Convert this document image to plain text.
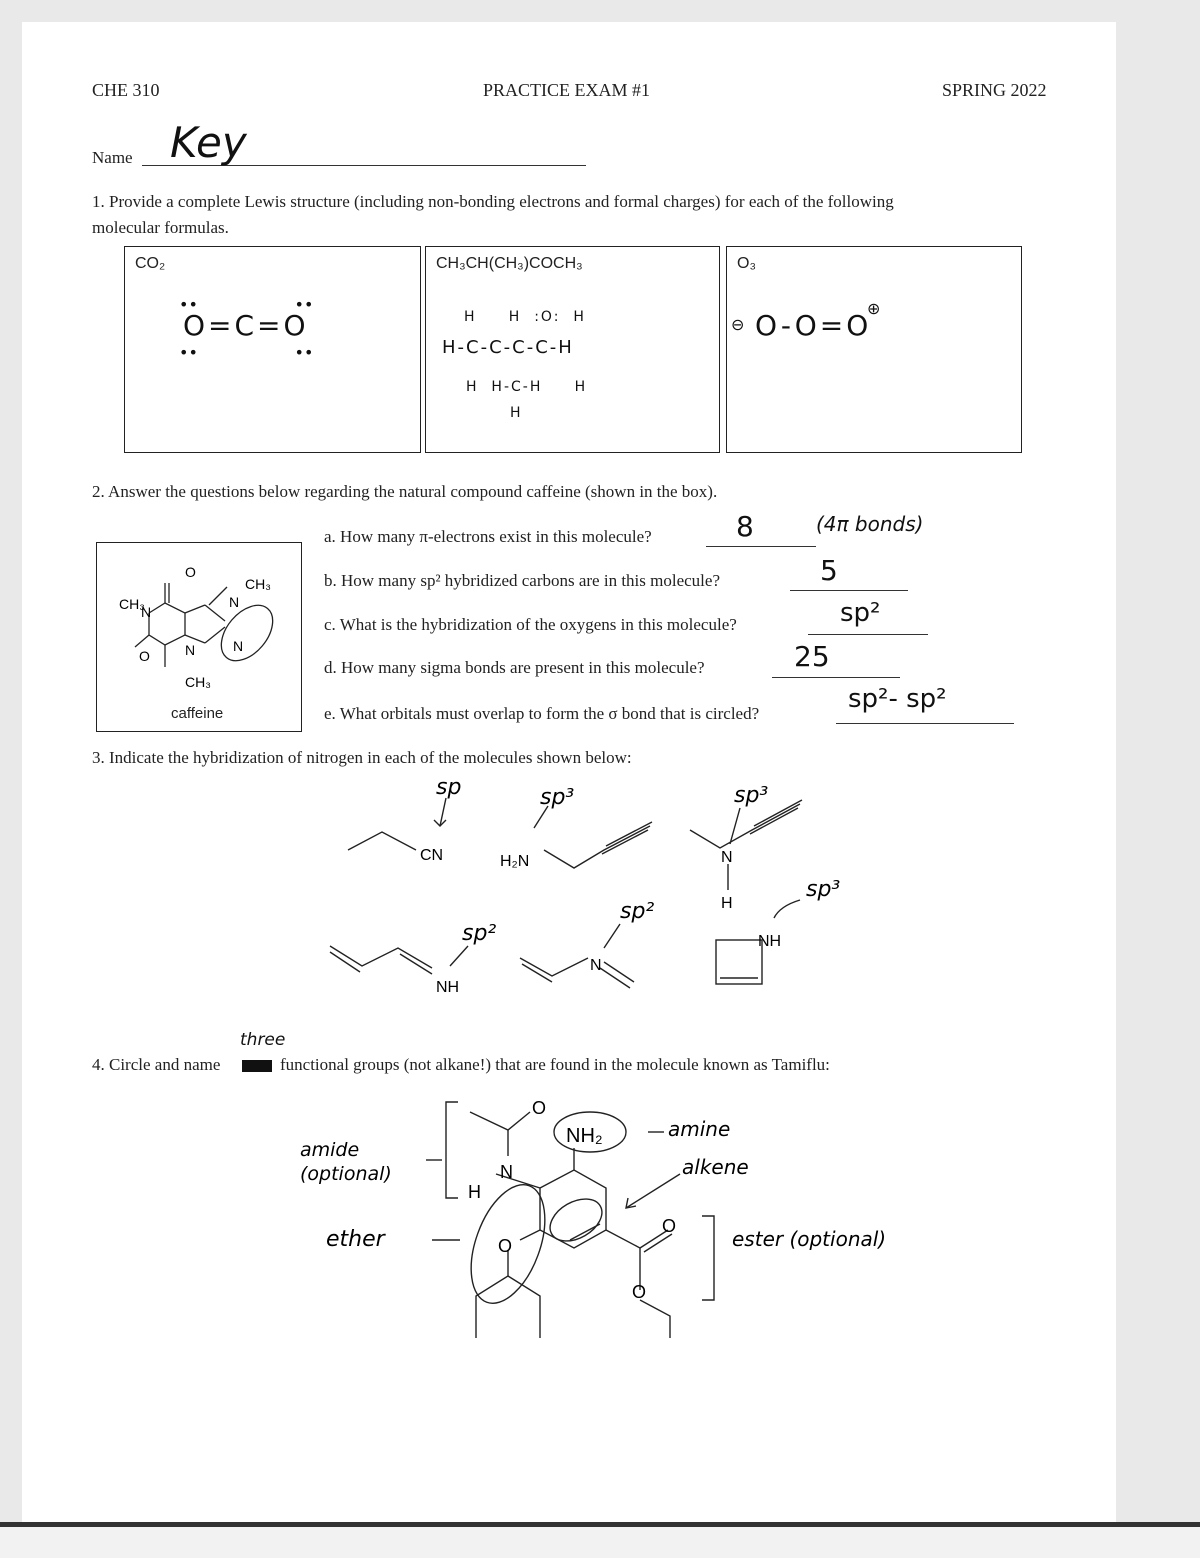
CHE 310	PRACTICE EXAM #1	SPRING 2022
Name Key
1. Provide a complete Lewis structure (including non-bonding electrons and formal charges) for each of the following
molecular formulas.
CO₂
O=C=O
••                   ••
••                   ••
CH₃CH(CH₃)COCH₃
H-C-C-C-C-H
H     H  :O:  H
H  H-C-H     H
H
O₃
O-O=O
⊖
⊕
2. Answer the questions below regarding the natural compound caffeine (shown in the box).
CH₃
N
O
CH₃
N
N
O	N
CH₃
caffeine
a. How many π-electrons exist in this molecule?	8	(4π bonds)
b. How many sp² hybridized carbons are in this molecule?	5
c. What is the hybridization of the oxygens in this molecule?	sp²
d. How many sigma bonds are present in this molecule?	25
e. What orbitals must overlap to form the σ bond that is circled?	sp²- sp²
3. Indicate the hybridization of nitrogen in each of the molecules shown below:
CN	H₂N	N
H
NH
NH
N
sp	sp³	sp³
sp³
sp²
sp²
three
4. Circle and name	functional groups (not alkane!) that are found in the molecule known as Tamiflu:
NH₂
N
H
O
O
O
O
amine
alkene
amide
(optional)
ether	ester (optional)
